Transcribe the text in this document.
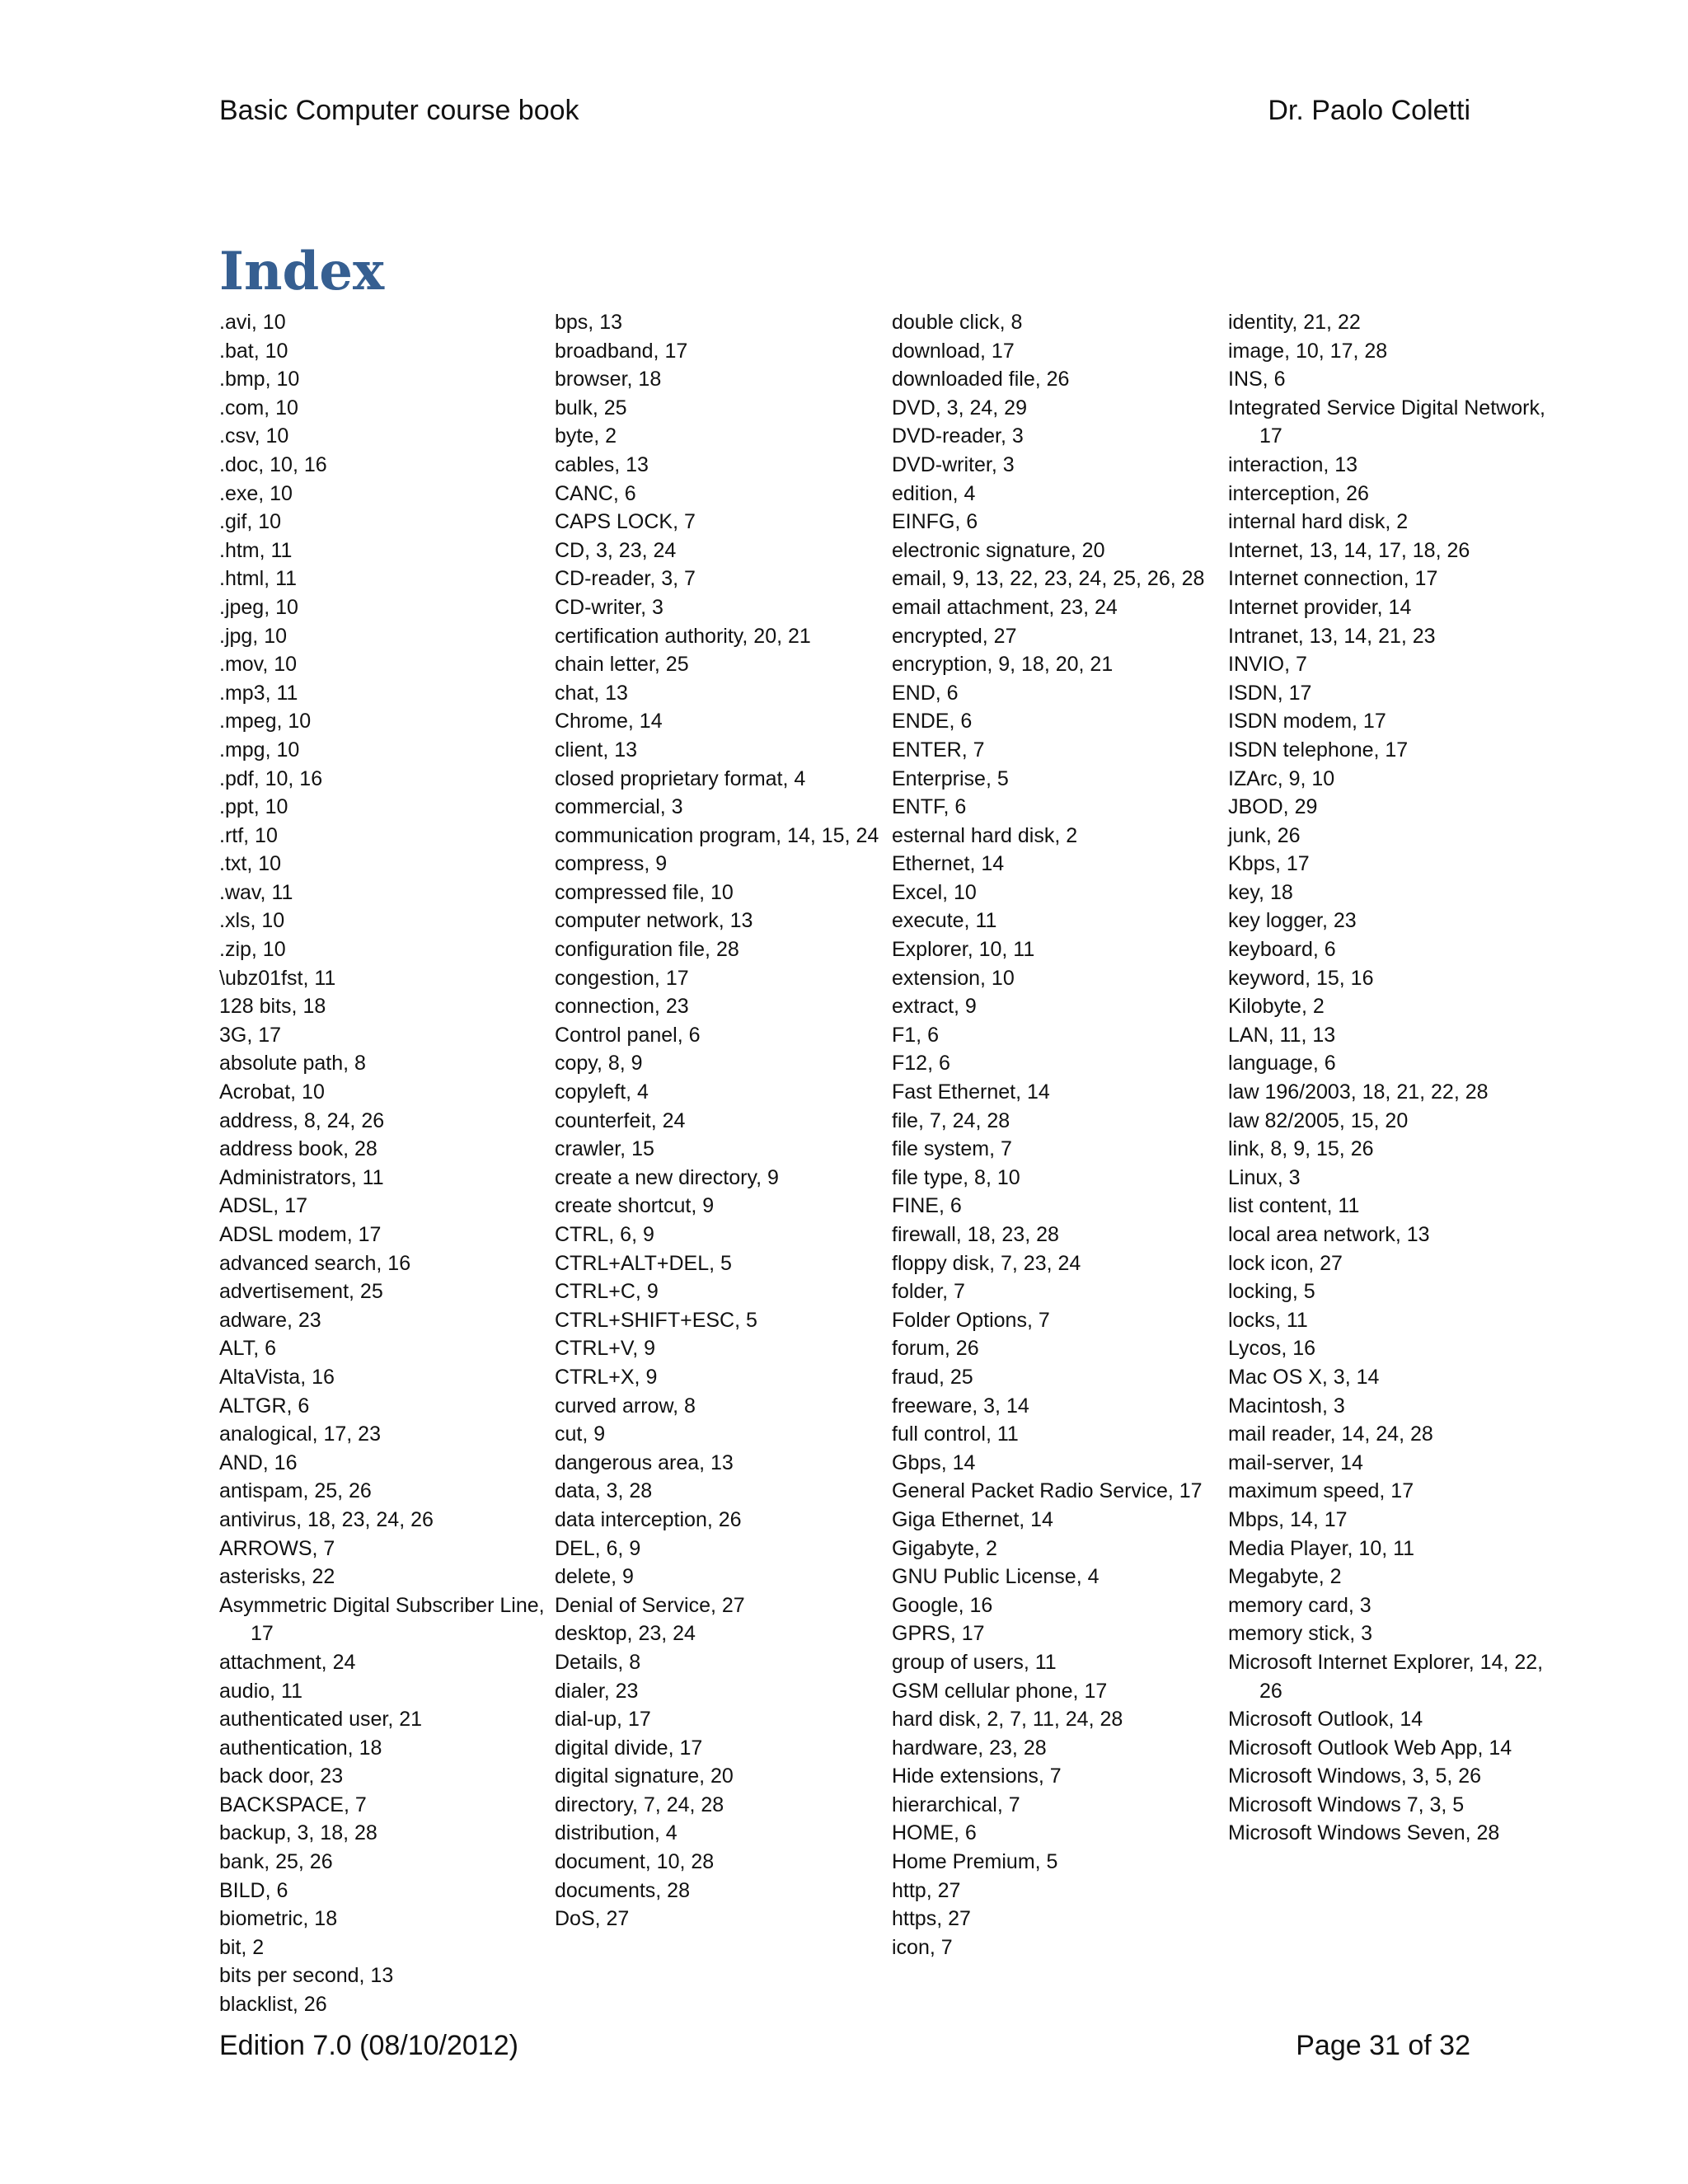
Basic Computer course book	Dr. Paolo Coletti
Index
.avi, 10
.bat, 10
.bmp, 10
.com, 10
.csv, 10
.doc, 10, 16
.exe, 10
.gif, 10
.htm, 11
.html, 11
.jpeg, 10
.jpg, 10
.mov, 10
.mp3, 11
.mpeg, 10
.mpg, 10
.pdf, 10, 16
.ppt, 10
.rtf, 10
.txt, 10
.wav, 11
.xls, 10
.zip, 10
\ubz01fst, 11
128 bits, 18
3G, 17
absolute path, 8
Acrobat, 10
address, 8, 24, 26
address book, 28
Administrators, 11
ADSL, 17
ADSL modem, 17
advanced search, 16
advertisement, 25
adware, 23
ALT, 6
AltaVista, 16
ALTGR, 6
analogical, 17, 23
AND, 16
antispam, 25, 26
antivirus, 18, 23, 24, 26
ARROWS, 7
asterisks, 22
Asymmetric Digital Subscriber Line, 17
attachment, 24
audio, 11
authenticated user, 21
authentication, 18
back door, 23
BACKSPACE, 7
backup, 3, 18, 28
bank, 25, 26
BILD, 6
biometric, 18
bit, 2
bits per second, 13
blacklist, 26
bps, 13
broadband, 17
browser, 18
bulk, 25
byte, 2
cables, 13
CANC, 6
CAPS LOCK, 7
CD, 3, 23, 24
CD-reader, 3, 7
CD-writer, 3
certification authority, 20, 21
chain letter, 25
chat, 13
Chrome, 14
client, 13
closed proprietary format, 4
commercial, 3
communication program, 14, 15, 24
compress, 9
compressed file, 10
computer network, 13
configuration file, 28
congestion, 17
connection, 23
Control panel, 6
copy, 8, 9
copyleft, 4
counterfeit, 24
crawler, 15
create a new directory, 9
create shortcut, 9
CTRL, 6, 9
CTRL+ALT+DEL, 5
CTRL+C, 9
CTRL+SHIFT+ESC, 5
CTRL+V, 9
CTRL+X, 9
curved arrow, 8
cut, 9
dangerous area, 13
data, 3, 28
data interception, 26
DEL, 6, 9
delete, 9
Denial of Service, 27
desktop, 23, 24
Details, 8
dialer, 23
dial-up, 17
digital divide, 17
digital signature, 20
directory, 7, 24, 28
distribution, 4
document, 10, 28
documents, 28
DoS, 27
double click, 8
download, 17
downloaded file, 26
DVD, 3, 24, 29
DVD-reader, 3
DVD-writer, 3
edition, 4
EINFG, 6
electronic signature, 20
email, 9, 13, 22, 23, 24, 25, 26, 28
email attachment, 23, 24
encrypted, 27
encryption, 9, 18, 20, 21
END, 6
ENDE, 6
ENTER, 7
Enterprise, 5
ENTF, 6
esternal hard disk, 2
Ethernet, 14
Excel, 10
execute, 11
Explorer, 10, 11
extension, 10
extract, 9
F1, 6
F12, 6
Fast Ethernet, 14
file, 7, 24, 28
file system, 7
file type, 8, 10
FINE, 6
firewall, 18, 23, 28
floppy disk, 7, 23, 24
folder, 7
Folder Options, 7
forum, 26
fraud, 25
freeware, 3, 14
full control, 11
Gbps, 14
General Packet Radio Service, 17
Giga Ethernet, 14
Gigabyte, 2
GNU Public License, 4
Google, 16
GPRS, 17
group of users, 11
GSM cellular phone, 17
hard disk, 2, 7, 11, 24, 28
hardware, 23, 28
Hide extensions, 7
hierarchical, 7
HOME, 6
Home Premium, 5
http, 27
https, 27
icon, 7
identity, 21, 22
image, 10, 17, 28
INS, 6
Integrated Service Digital Network, 17
interaction, 13
interception, 26
internal hard disk, 2
Internet, 13, 14, 17, 18, 26
Internet connection, 17
Internet provider, 14
Intranet, 13, 14, 21, 23
INVIO, 7
ISDN, 17
ISDN modem, 17
ISDN telephone, 17
IZArc, 9, 10
JBOD, 29
junk, 26
Kbps, 17
key, 18
key logger, 23
keyboard, 6
keyword, 15, 16
Kilobyte, 2
LAN, 11, 13
language, 6
law 196/2003, 18, 21, 22, 28
law 82/2005, 15, 20
link, 8, 9, 15, 26
Linux, 3
list content, 11
local area network, 13
lock icon, 27
locking, 5
locks, 11
Lycos, 16
Mac OS X, 3, 14
Macintosh, 3
mail reader, 14, 24, 28
mail-server, 14
maximum speed, 17
Mbps, 14, 17
Media Player, 10, 11
Megabyte, 2
memory card, 3
memory stick, 3
Microsoft Internet Explorer, 14, 22, 26
Microsoft Outlook, 14
Microsoft Outlook Web App, 14
Microsoft Windows, 3, 5, 26
Microsoft Windows 7, 3, 5
Microsoft Windows Seven, 28
Edition 7.0 (08/10/2012)	Page 31 of 32
